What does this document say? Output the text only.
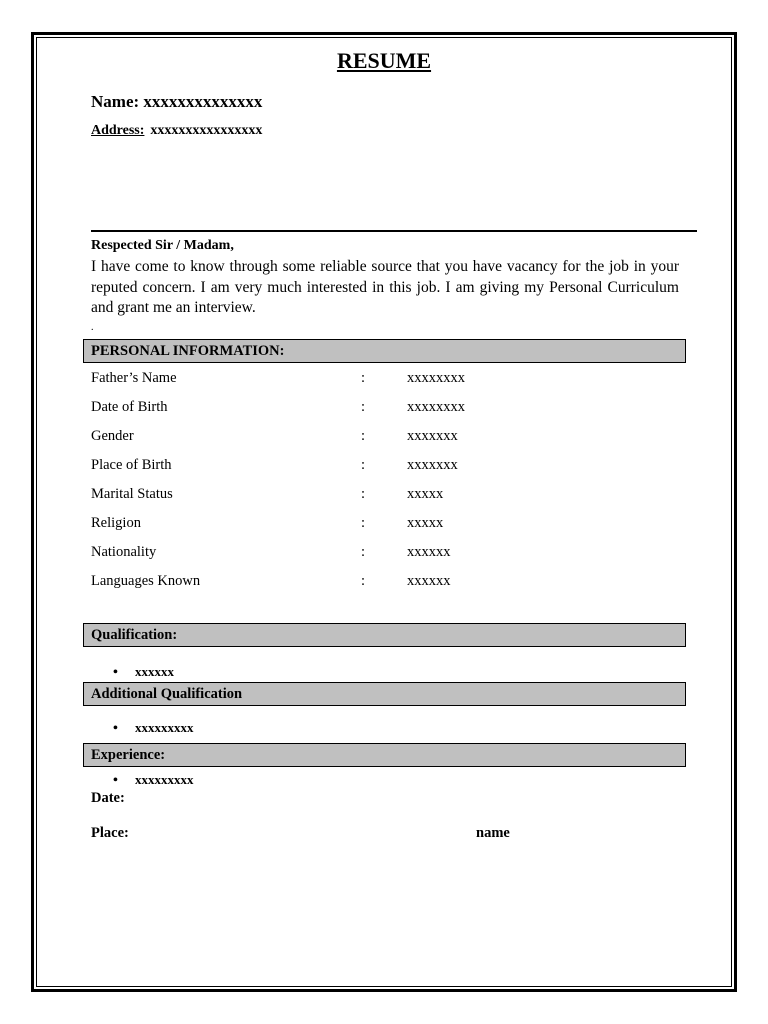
RESUME
Name: xxxxxxxxxxxxxx
Address: xxxxxxxxxxxxxxxx
Respected Sir / Madam,
I have come to know through some reliable source that you have vacancy for the job in your reputed concern. I am very much interested in this job. I am giving my Personal Curriculum and grant me an interview.
.
PERSONAL INFORMATION:
Father’s Name	:	xxxxxxxx
Date of Birth	:	xxxxxxxx
Gender	:	xxxxxxx
Place of Birth	:	xxxxxxx
Marital Status	:	xxxxx
Religion	:	xxxxx
Nationality	:	xxxxxx
Languages Known	:	xxxxxx
Qualification:
• xxxxxx
Additional Qualification
• xxxxxxxxx
Experience:
• xxxxxxxxx
Date:
Place:	name
